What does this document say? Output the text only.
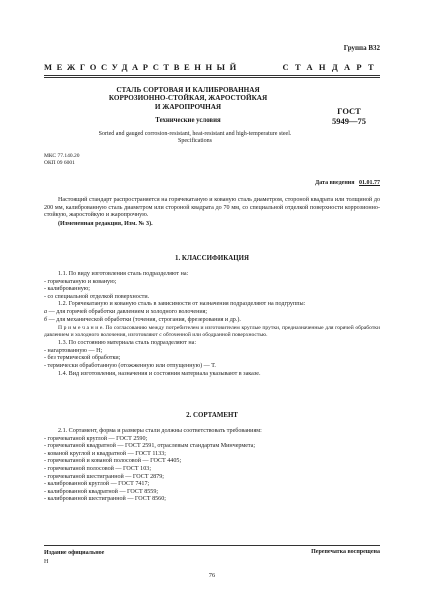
Группа В32
МЕЖГОСУДАРСТВЕННЫЙ	СТАНДАРТ
СТАЛЬ СОРТОВАЯ И КАЛИБРОВАННАЯ
КОРРОЗИОННО-СТОЙКАЯ, ЖАРОСТОЙКАЯ
И ЖАРОПРОЧНАЯ
Технические условия
ГОСТ
5949—75
Sorted and gauged corrosion-resistant, heat-resistant and high-temperature steel.
Specifications
МКС 77.140.20
ОКП 09 6001
Дата введения 01.01.77

Настоящий стандарт распространяется на горячекатаную и кованую сталь диаметром, стороной квадрата или толщиной до 200 мм, калиброванную сталь диаметром или стороной квадрата до 70 мм, со специальной отделкой поверхности коррозионно-стойкую, жаростойкую и жаропрочную.

(Измененная редакция, Изм. № 3).

1. КЛАССИФИКАЦИЯ

1.1. По виду изготовления сталь подразделяют на:

- горячекатаную и кованую;

- калиброванную;

- со специальной отделкой поверхности.

1.2. Горячекатаную и кованую сталь в зависимости от назначения подразделяют на подгруппы:

а — для горячей обработки давлением и холодного волочения;

б — для механической обработки (точения, строгания, фрезерования и др.).

П р и м е ч а н и е. По согласованию между потребителем и изготовителем круглые прутки, предназначенные для горячей обработки давлением и холодного волочения, изготовляют с обточенной или ободранной поверхностью.

1.3. По состоянию материала сталь подразделяют на:

- нагартованную — Н;

- без термической обработки;

- термически обработанную (отожженную или отпущенную) — Т.

1.4. Вид изготовления, назначения и состояния материала указывают в заказе.

2. СОРТАМЕНТ

2.1. Сортамент, форма и размеры стали должны соответствовать требованиям:

- горячекатаной круглой — ГОСТ 2590;

- горячекатаной квадратной — ГОСТ 2591, отраслевым стандартам Минчермета;

- кованой круглой и квадратной — ГОСТ 1133;

- горячекатаной и кованой полосовой — ГОСТ 4405;

- горячекатаной полосовой — ГОСТ 103;

- горячекатаной шестигранной — ГОСТ 2879;

- калиброванной круглой — ГОСТ 7417;

- калиброванной квадратной — ГОСТ 8559;

- калиброванной шестигранной — ГОСТ 8560;

Издание официальное
Н
Перепечатка воспрещена
76
